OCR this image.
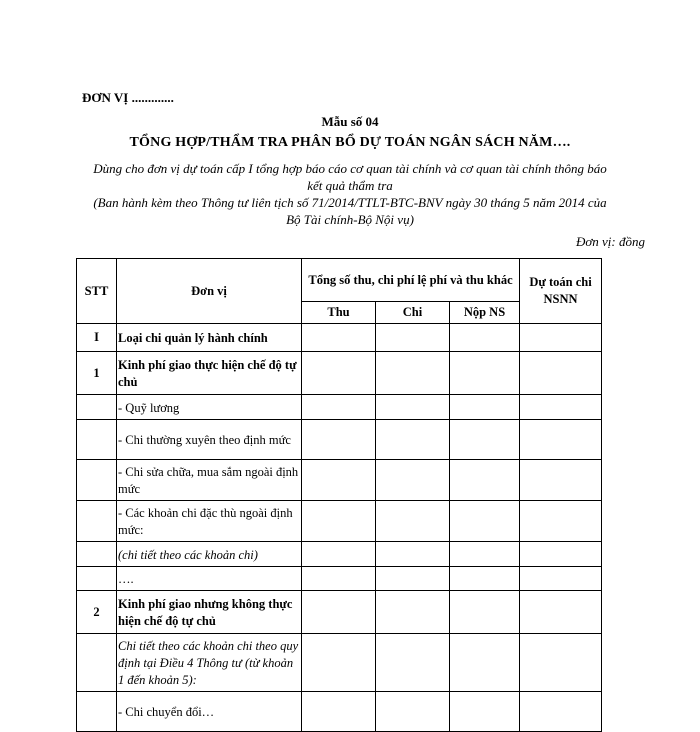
ĐƠN VỊ .............
Mẫu số 04
TỔNG HỢP/THẨM TRA PHÂN BỔ DỰ TOÁN NGÂN SÁCH NĂM….
Dùng cho đơn vị dự toán cấp I tổng hợp báo cáo cơ quan tài chính và cơ quan tài chính thông báo kết quả thẩm tra
(Ban hành kèm theo Thông tư liên tịch số 71/2014/TTLT-BTC-BNV ngày 30 tháng 5 năm 2014 của Bộ Tài chính-Bộ Nội vụ)
Đơn vị: đồng
STT	Đơn vị	Tổng số thu, chi phí lệ phí và thu khác			Dự toán chi NSNN
		Thu	Chi	Nộp NS	
I	Loại chi quản lý hành chính				
1	Kinh phí giao thực hiện chế độ tự chủ				
	- Quỹ lương				
	- Chi thường xuyên theo định mức				
	- Chi sửa chữa, mua sắm ngoài định mức				
	- Các khoản chi đặc thù ngoài định mức:				
	(chi tiết theo các khoản chi)				
	….				
2	Kinh phí giao nhưng không thực hiện chế độ tự chủ				
	Chi tiết theo các khoản chi theo quy định tại Điều 4 Thông tư (từ khoản 1 đến khoản 5):				
	- Chi chuyển đổi…				
